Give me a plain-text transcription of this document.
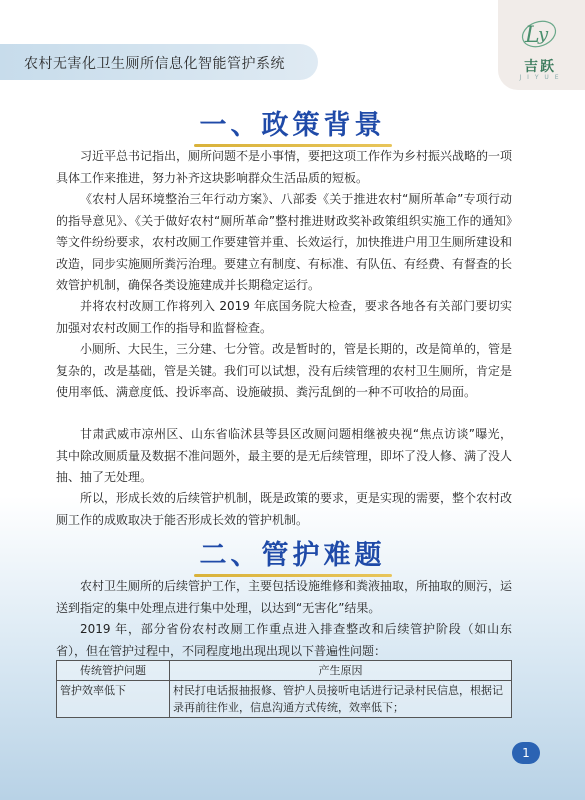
农村无害化卫生厕所信息化智能管护系统
L
y
吉跃
J I Y U E
一、政策背景

习近平总书记指出，厕所问题不是小事情，要把这项工作作为乡村振兴战略的一项具体工作来推进，努力补齐这块影响群众生活品质的短板。

《农村人居环境整治三年行动方案》、八部委《关于推进农村“厕所革命”专项行动的指导意见》、《关于做好农村“厕所革命”整村推进财政奖补政策组织实施工作的通知》等文件纷纷要求，农村改厕工作要建管并重、长效运行，加快推进户用卫生厕所建设和改造，同步实施厕所粪污治理。要建立有制度、有标准、有队伍、有经费、有督查的长效管护机制，确保各类设施建成并长期稳定运行。

并将农村改厕工作将列入 2019 年底国务院大检查，要求各地各有关部门要切实加强对农村改厕工作的指导和监督检查。

小厕所、大民生，三分建、七分管。改是暂时的，管是长期的，改是简单的，管是复杂的，改是基础，管是关键。我们可以试想，没有后续管理的农村卫生厕所，肯定是使用率低、满意度低、投诉率高、设施破损、粪污乱倒的一种不可收拾的局面。

甘肃武威市凉州区、山东省临沭县等县区改厕问题相继被央视“焦点访谈”曝光，其中除改厕质量及数据不准问题外，最主要的是无后续管理，即坏了没人修、满了没人抽、抽了无处理。

所以，形成长效的后续管护机制，既是政策的要求，更是实现的需要，整个农村改厕工作的成败取决于能否形成长效的管护机制。

二、管护难题

农村卫生厕所的后续管护工作，主要包括设施维修和粪液抽取，所抽取的厕污，运送到指定的集中处理点进行集中处理，以达到“无害化”结果。

2019 年，部分省份农村改厕工作重点进入排查整改和后续管护阶段（如山东省），但在管护过程中，不同程度地出现出现以下普遍性问题：

传统管护问题	产生原因
管护效率低下	村民打电话报抽报修、管护人员接听电话进行记录村民信息，根据记录再前往作业，信息沟通方式传统，效率低下；
1
